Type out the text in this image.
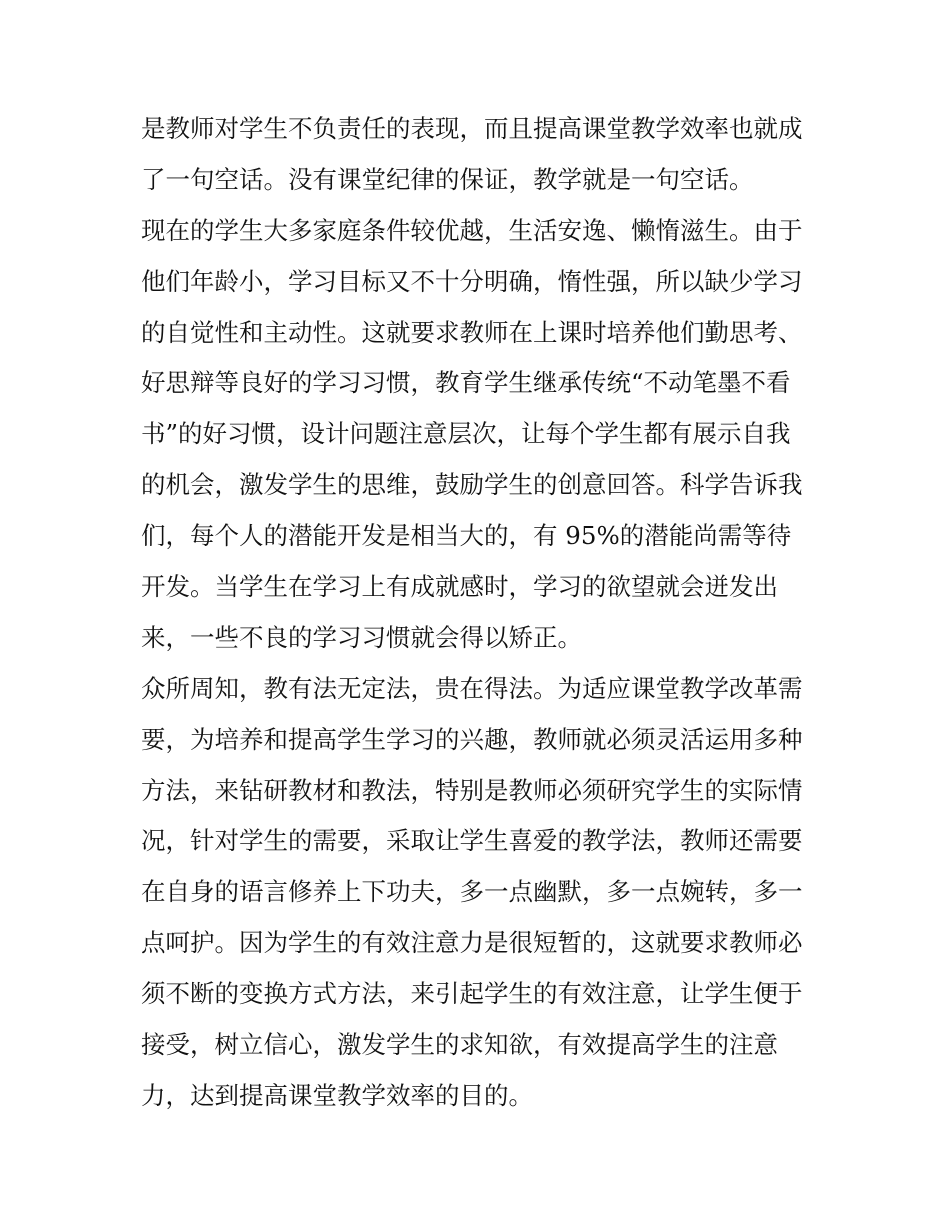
是教师对学生不负责任的表现，而且提高课堂教学效率也就成
了一句空话。没有课堂纪律的保证，教学就是一句空话。
现在的学生大多家庭条件较优越，生活安逸、懒惰滋生。由于
他们年龄小，学习目标又不十分明确，惰性强，所以缺少学习
的自觉性和主动性。这就要求教师在上课时培养他们勤思考、
好思辩等良好的学习习惯，教育学生继承传统“不动笔墨不看
书”的好习惯，设计问题注意层次，让每个学生都有展示自我
的机会，激发学生的思维，鼓励学生的创意回答。科学告诉我
们，每个人的潜能开发是相当大的，有 95%的潜能尚需等待
开发。当学生在学习上有成就感时，学习的欲望就会迸发出
来，一些不良的学习习惯就会得以矫正。
众所周知，教有法无定法，贵在得法。为适应课堂教学改革需
要，为培养和提高学生学习的兴趣，教师就必须灵活运用多种
方法，来钻研教材和教法，特别是教师必须研究学生的实际情
况，针对学生的需要，采取让学生喜爱的教学法，教师还需要
在自身的语言修养上下功夫，多一点幽默，多一点婉转，多一
点呵护。因为学生的有效注意力是很短暂的，这就要求教师必
须不断的变换方式方法，来引起学生的有效注意，让学生便于
接受，树立信心，激发学生的求知欲，有效提高学生的注意
力，达到提高课堂教学效率的目的。
